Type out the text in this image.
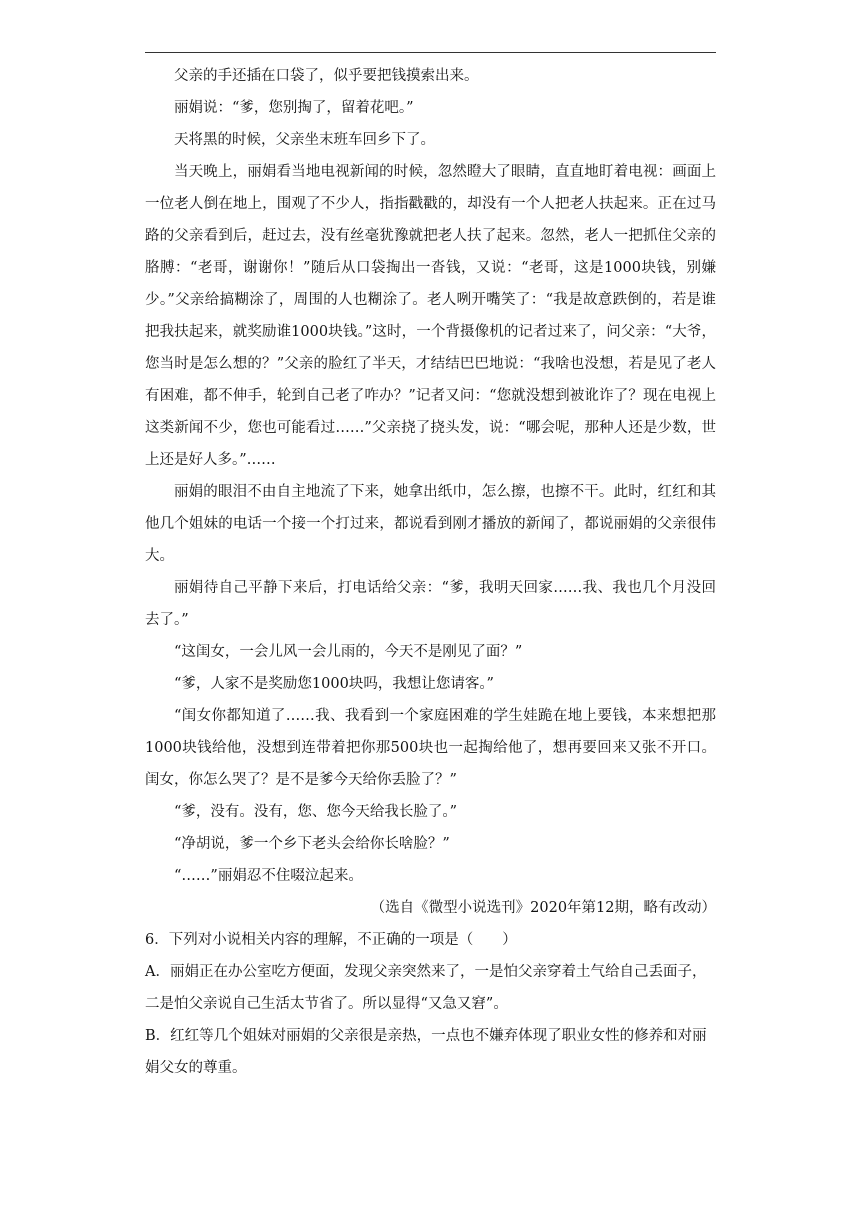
父亲的手还插在口袋了，似乎要把钱摸索出来。

丽娟说：“爹，您别掏了，留着花吧。”

天将黑的时候，父亲坐末班车回乡下了。

当天晚上，丽娟看当地电视新闻的时候，忽然瞪大了眼睛，直直地盯着电视：画面上一位老人倒在地上，围观了不少人，指指戳戳的，却没有一个人把老人扶起来。正在过马路的父亲看到后，赶过去，没有丝毫犹豫就把老人扶了起来。忽然，老人一把抓住父亲的胳膊：“老哥，谢谢你！”随后从口袋掏出一沓钱，又说：“老哥，这是1000块钱，别嫌少。”父亲给搞糊涂了，周围的人也糊涂了。老人咧开嘴笑了：“我是故意跌倒的，若是谁把我扶起来，就奖励谁1000块钱。”这时，一个背摄像机的记者过来了，问父亲：“大爷，您当时是怎么想的？”父亲的脸红了半天，才结结巴巴地说：“我啥也没想，若是见了老人有困难，都不伸手，轮到自己老了咋办？”记者又问：“您就没想到被讹诈了？现在电视上这类新闻不少，您也可能看过……”父亲挠了挠头发，说：“哪会呢，那种人还是少数，世上还是好人多。”……

丽娟的眼泪不由自主地流了下来，她拿出纸巾，怎么擦，也擦不干。此时，红红和其他几个姐妹的电话一个接一个打过来，都说看到刚才播放的新闻了，都说丽娟的父亲很伟大。

丽娟待自己平静下来后，打电话给父亲：“爹，我明天回家……我、我也几个月没回去了。”

“这闺女，一会儿风一会儿雨的，今天不是刚见了面？”

“爹，人家不是奖励您1000块吗，我想让您请客。”

“闺女你都知道了……我、我看到一个家庭困难的学生娃跪在地上要钱，本来想把那1000块钱给他，没想到连带着把你那500块也一起掏给他了，想再要回来又张不开口。闺女，你怎么哭了？是不是爹今天给你丢脸了？”

“爹，没有。没有，您、您今天给我长脸了。”

“净胡说，爹一个乡下老头会给你长啥脸？”

“……”丽娟忍不住啜泣起来。

（选自《微型小说选刊》2020年第12期，略有改动）

6．下列对小说相关内容的理解，不正确的一项是（　　）

A．丽娟正在办公室吃方便面，发现父亲突然来了，一是怕父亲穿着土气给自己丢面子，二是怕父亲说自己生活太节省了。所以显得“又急又窘”。

B．红红等几个姐妹对丽娟的父亲很是亲热，一点也不嫌弃体现了职业女性的修养和对丽娟父女的尊重。
